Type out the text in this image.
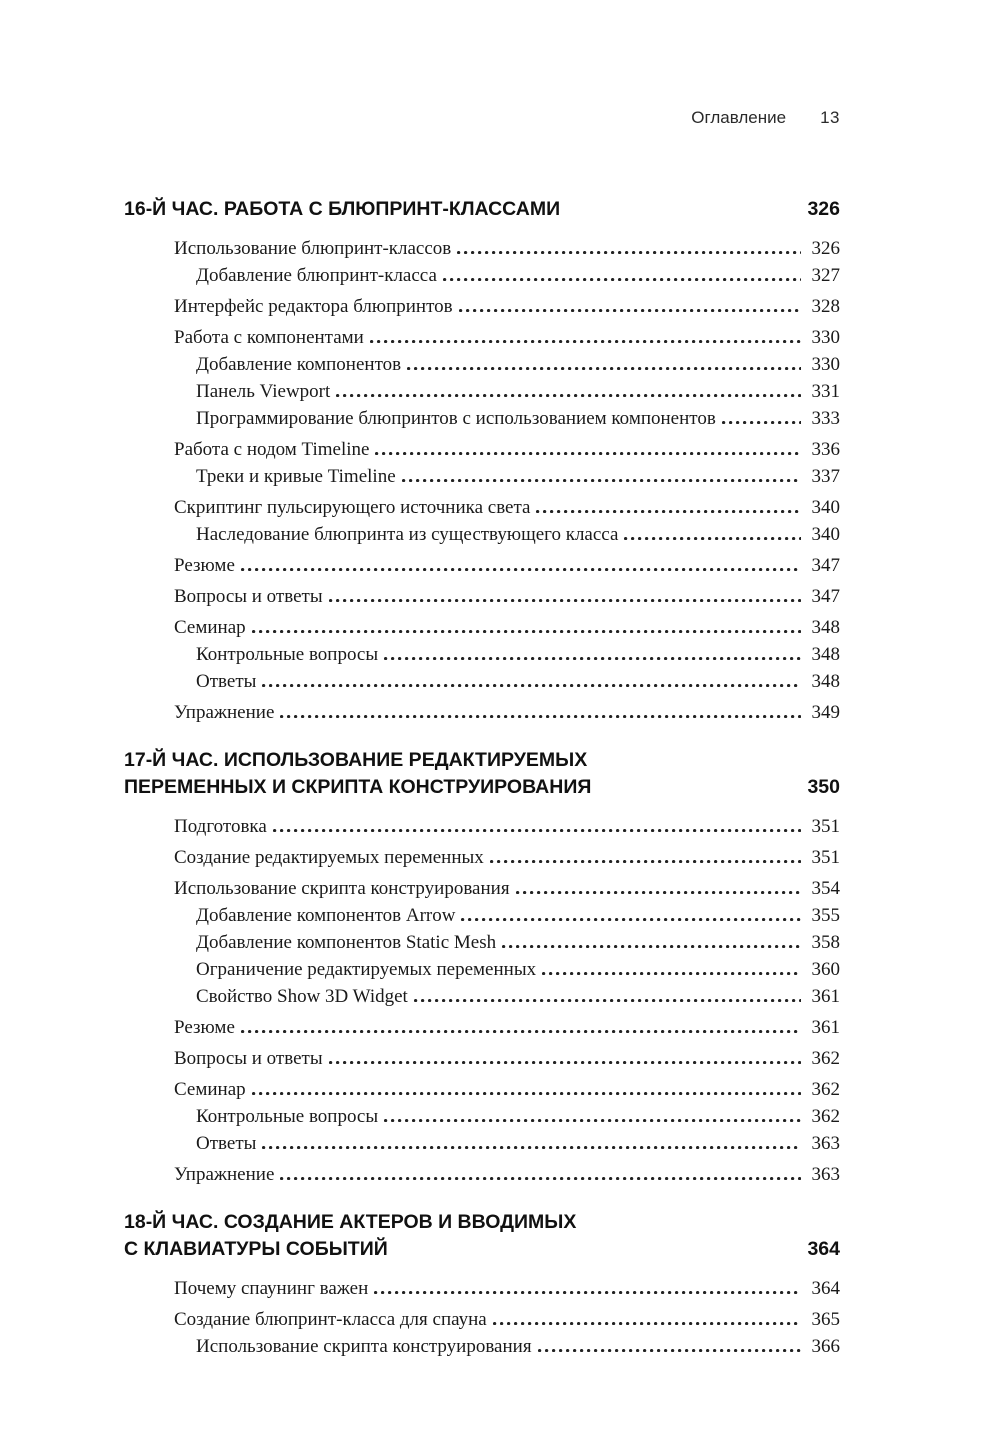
Оглавление 13
16-Й ЧАС. РАБОТА С БЛЮПРИНТ-КЛАССАМИ	326
Использование блюпринт-классов	326
Добавление блюпринт-класса	327
Интерфейс редактора блюпринтов	328
Работа с компонентами	330
Добавление компонентов	330
Панель Viewport	331
Программирование блюпринтов с использованием компонентов	333
Работа с нодом Timeline	336
Треки и кривые Timeline	337
Скриптинг пульсирующего источника света	340
Наследование блюпринта из существующего класса	340
Резюме	347
Вопросы и ответы	347
Семинар	348
Контрольные вопросы	348
Ответы	348
Упражнение	349
17-Й ЧАС. ИСПОЛЬЗОВАНИЕ РЕДАКТИРУЕМЫХ
ПЕРЕМЕННЫХ И СКРИПТА КОНСТРУИРОВАНИЯ	350
Подготовка	351
Создание редактируемых переменных	351
Использование скрипта конструирования	354
Добавление компонентов Arrow	355
Добавление компонентов Static Mesh	358
Ограничение редактируемых переменных	360
Свойство Show 3D Widget	361
Резюме	361
Вопросы и ответы	362
Семинар	362
Контрольные вопросы	362
Ответы	363
Упражнение	363
18-Й ЧАС. СОЗДАНИЕ АКТЕРОВ И ВВОДИМЫХ
С КЛАВИАТУРЫ СОБЫТИЙ	364
Почему спаунинг важен	364
Создание блюпринт-класса для спауна	365
Использование скрипта конструирования	366
